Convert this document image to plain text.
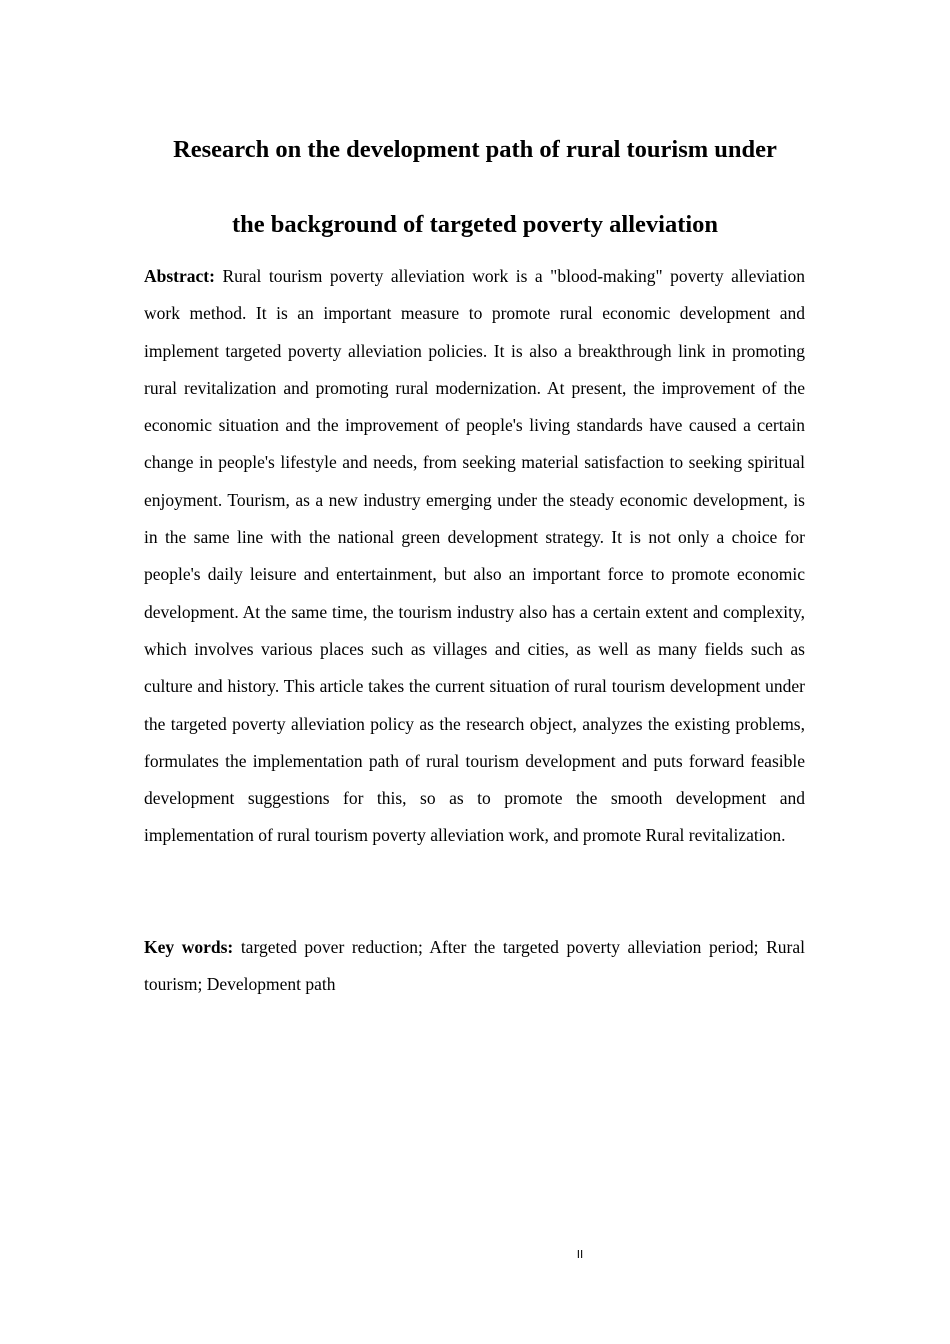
Research on the development path of rural tourism under
the background of targeted poverty alleviation

Abstract: Rural tourism poverty alleviation work is a "blood-making" poverty alleviation work method. It is an important measure to promote rural economic development and implement targeted poverty alleviation policies. It is also a breakthrough link in promoting rural revitalization and promoting rural modernization. At present, the improvement of the economic situation and the improvement of people's living standards have caused a certain change in people's lifestyle and needs, from seeking material satisfaction to seeking spiritual enjoyment. Tourism, as a new industry emerging under the steady economic development, is in the same line with the national green development strategy. It is not only a choice for people's daily leisure and entertainment, but also an important force to promote economic development. At the same time, the tourism industry also has a certain extent and complexity, which involves various places such as villages and cities, as well as many fields such as culture and history. This article takes the current situation of rural tourism development under the targeted poverty alleviation policy as the research object, analyzes the existing problems, formulates the implementation path of rural tourism development and puts forward feasible development suggestions for this, so as to promote the smooth development and implementation of rural tourism poverty alleviation work, and promote Rural revitalization.

Key words: targeted pover reduction; After the targeted poverty alleviation period; Rural tourism; Development path

II
